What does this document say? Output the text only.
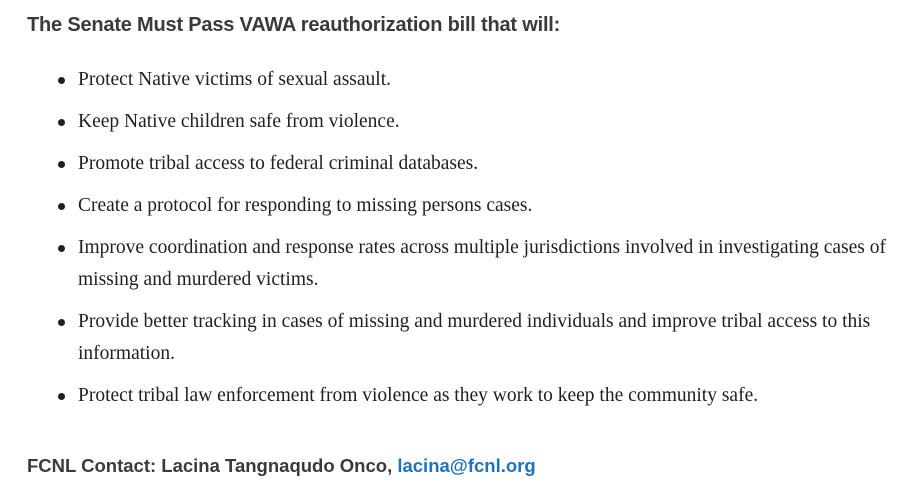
The Senate Must Pass VAWA reauthorization bill that will:
Protect Native victims of sexual assault.
Keep Native children safe from violence.
Promote tribal access to federal criminal databases.
Create a protocol for responding to missing persons cases.
Improve coordination and response rates across multiple jurisdictions involved in investigating cases of missing and murdered victims.
Provide better tracking in cases of missing and murdered individuals and improve tribal access to this information.
Protect tribal law enforcement from violence as they work to keep the community safe.

FCNL Contact: Lacina Tangnaqudo Onco, lacina@fcnl.org
